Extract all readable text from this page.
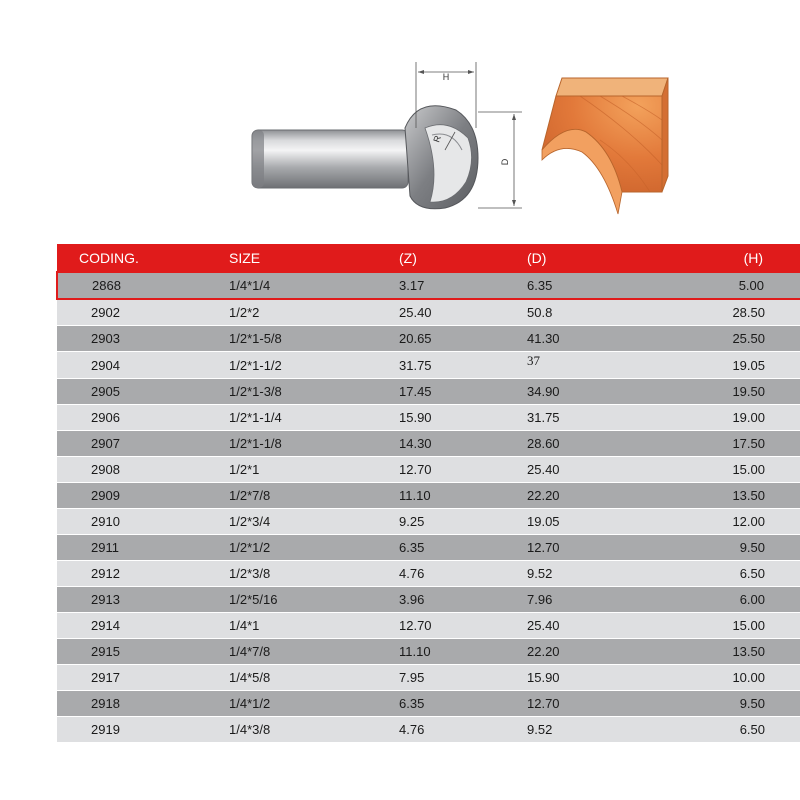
H
R
D
CODING.	SIZE	(Z)	(D)	(H)
2868	1/4*1/4	3.17	6.35	5.00
2902	1/2*2	25.40	50.8	28.50
2903	1/2*1-5/8	20.65	41.30	25.50
2904	1/2*1-1/2	31.75	37	19.05
2905	1/2*1-3/8	17.45	34.90	19.50
2906	1/2*1-1/4	15.90	31.75	19.00
2907	1/2*1-1/8	14.30	28.60	17.50
2908	1/2*1	12.70	25.40	15.00
2909	1/2*7/8	11.10	22.20	13.50
2910	1/2*3/4	9.25	19.05	12.00
2911	1/2*1/2	6.35	12.70	9.50
2912	1/2*3/8	4.76	9.52	6.50
2913	1/2*5/16	3.96	7.96	6.00
2914	1/4*1	12.70	25.40	15.00
2915	1/4*7/8	11.10	22.20	13.50
2917	1/4*5/8	7.95	15.90	10.00
2918	1/4*1/2	6.35	12.70	9.50
2919	1/4*3/8	4.76	9.52	6.50
